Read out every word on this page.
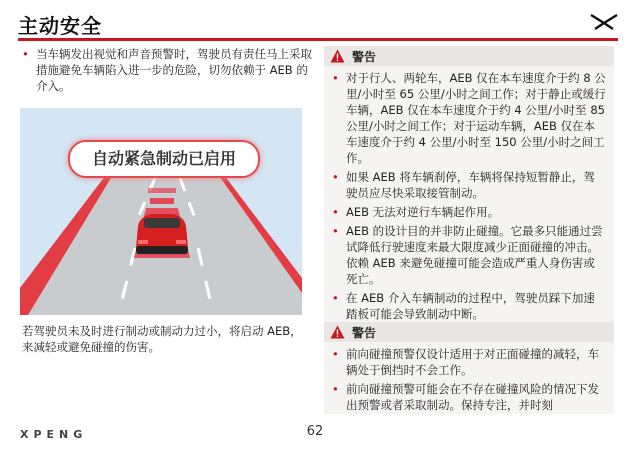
主动安全
• 当车辆发出视觉和声音预警时，驾驶员有责任马上采取措施避免车辆陷入进一步的危险，切勿依赖于 AEB 的介入。
自动紧急制动已启用
若驾驶员未及时进行制动或制动力过小，将启动 AEB，来减轻或避免碰撞的伤害。
警告
• 对于行人、两轮车，AEB 仅在本车速度介于约 8 公里/小时至 65 公里/小时之间工作；对于静止或缓行车辆，AEB 仅在本车速度介于约 4 公里/小时至 85 公里/小时之间工作；对于运动车辆，AEB 仅在本车速度介于约 4 公里/小时至 150 公里/小时之间工作。
• 如果 AEB 将车辆刹停，车辆将保持短暂静止，驾驶员应尽快采取接管制动。
• AEB 无法对逆行车辆起作用。
• AEB 的设计目的并非防止碰撞。它最多只能通过尝试降低行驶速度来最大限度减少正面碰撞的冲击。依赖 AEB 来避免碰撞可能会造成严重人身伤害或死亡。
• 在 AEB 介入车辆制动的过程中，驾驶员踩下加速踏板可能会导致制动中断。
警告
• 前向碰撞预警仅设计适用于对正面碰撞的减轻，车辆处于倒挡时不会工作。
• 前向碰撞预警可能会在不存在碰撞风险的情况下发出预警或者采取制动。保持专注，并时刻
XPENG	62
